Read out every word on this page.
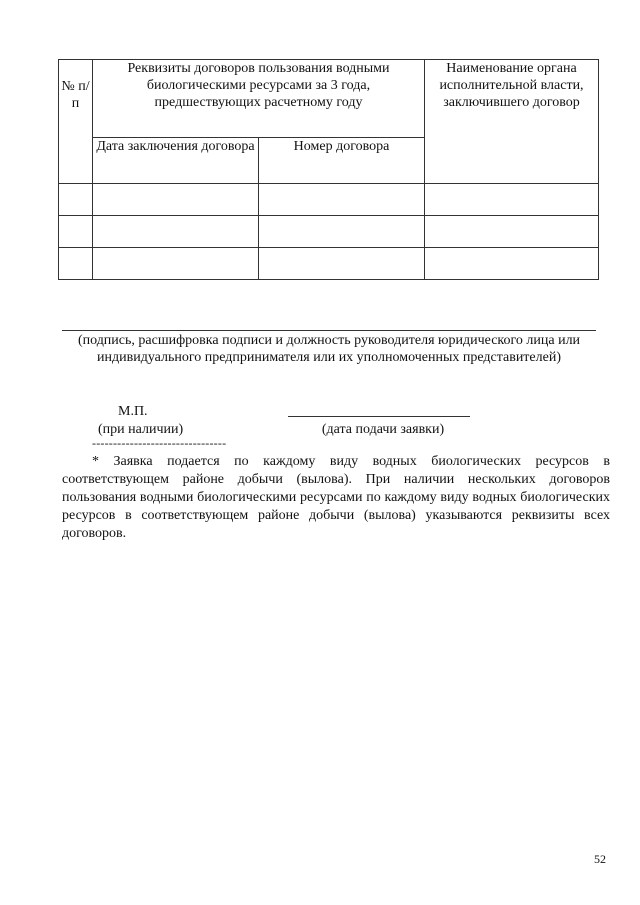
№ п/п	Реквизиты договоров пользования водными биологическими ресурсами за 3 года, предшествующих расчетному году		Наименование органа исполнительной власти, заключившего договор
	Дата заключения договора	Номер договора	

(подпись, расшифровка подписи и должность руководителя юридического лица или индивидуального предпринимателя или их уполномоченных представителей)
М.П.
(при наличии)	(дата подачи заявки)
--------------------------------
* Заявка подается по каждому виду водных биологических ресурсов в соответствующем районе добычи (вылова). При наличии нескольких договоров пользования водными биологическими ресурсами по каждому виду водных биологических ресурсов в соответствующем районе добычи (вылова) указываются реквизиты всех договоров.
52
